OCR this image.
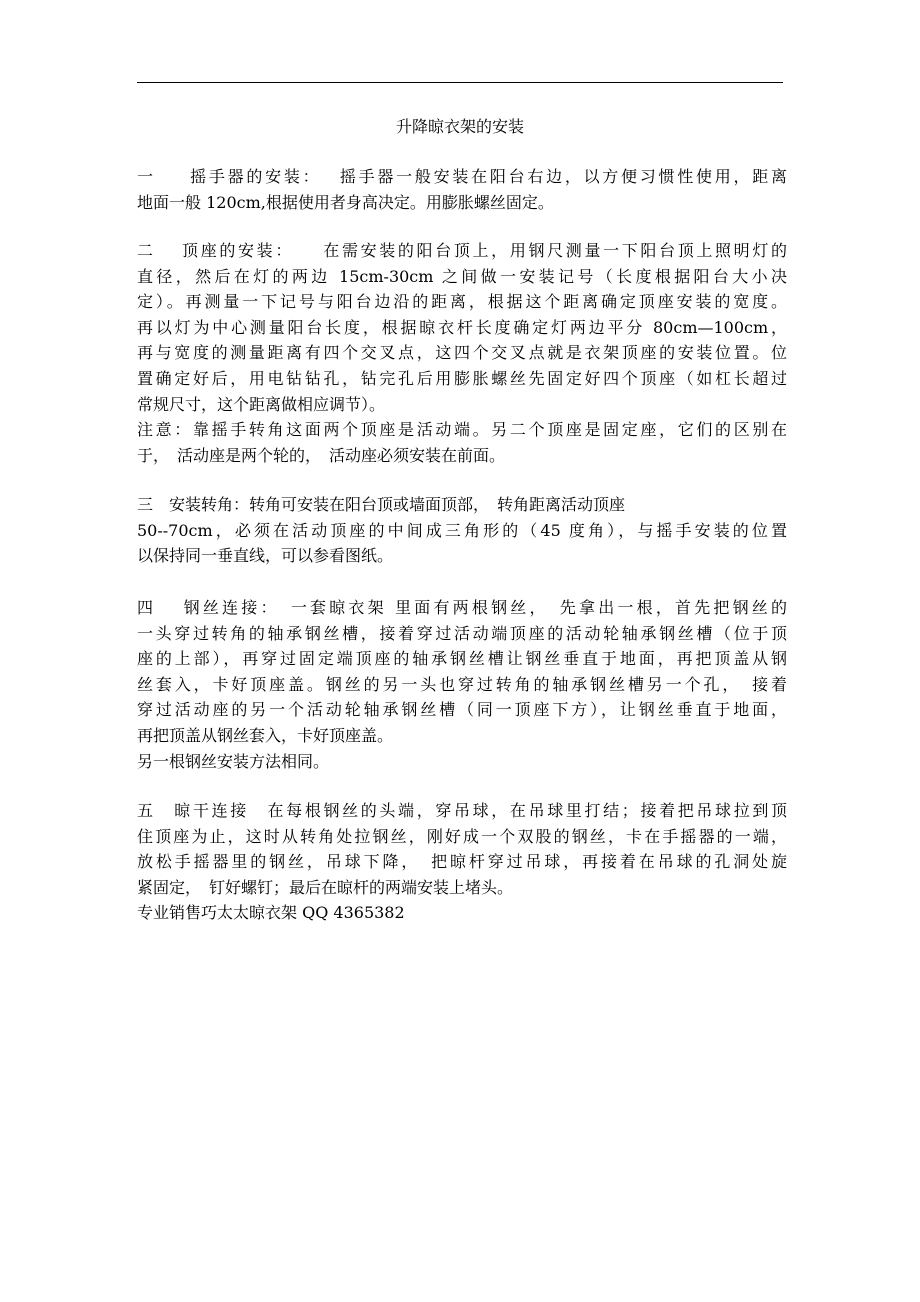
升降晾衣架的安装
一 　 摇手器的安装：　 摇手器一般安装在阳台右边，以方便习惯性使用，距离
地面一般 120cm,根据使用者身高决定。用膨胀螺丝固定。
二　 顶座的安装：　　在需安装的阳台顶上，用钢尺测量一下阳台顶上照明灯的
直径，然后在灯的两边 15cm-30cm 之间做一安装记号（长度根据阳台大小决
定）。再测量一下记号与阳台边沿的距离，根据这个距离确定顶座安装的宽度。
再以灯为中心测量阳台长度，根据晾衣杆长度确定灯两边平分 80cm—100cm，
再与宽度的测量距离有四个交叉点，这四个交叉点就是衣架顶座的安装位置。位
置确定好后，用电钻钻孔，钻完孔后用膨胀螺丝先固定好四个顶座（如杠长超过
常规尺寸，这个距离做相应调节）。
注意：靠摇手转角这面两个顶座是活动端。另二个顶座是固定座，它们的区别在
于，　活动座是两个轮的，　活动座必须安装在前面。
三　安装转角：转角可安装在阳台顶或墙面顶部，　转角距离活动顶座
50--70cm，必须在活动顶座的中间成三角形的（45 度角），与摇手安装的位置
以保持同一垂直线，可以参看图纸。
四　 钢丝连接：　一套晾衣架 里面有两根钢丝，　先拿出一根，首先把钢丝的
一头穿过转角的轴承钢丝槽，接着穿过活动端顶座的活动轮轴承钢丝槽（位于顶
座的上部），再穿过固定端顶座的轴承钢丝槽让钢丝垂直于地面，再把顶盖从钢
丝套入，卡好顶座盖。钢丝的另一头也穿过转角的轴承钢丝槽另一个孔，　接着
穿过活动座的另一个活动轮轴承钢丝槽（同一顶座下方），让钢丝垂直于地面，
再把顶盖从钢丝套入，卡好顶座盖。
另一根钢丝安装方法相同。
五　晾干连接　在每根钢丝的头端，穿吊球，在吊球里打结；接着把吊球拉到顶
住顶座为止，这时从转角处拉钢丝，刚好成一个双股的钢丝，卡在手摇器的一端，
放松手摇器里的钢丝，吊球下降，　把晾杆穿过吊球，再接着在吊球的孔洞处旋
紧固定，　钉好螺钉；最后在晾杆的两端安装上堵头。
专业销售巧太太晾衣架 QQ 4365382
